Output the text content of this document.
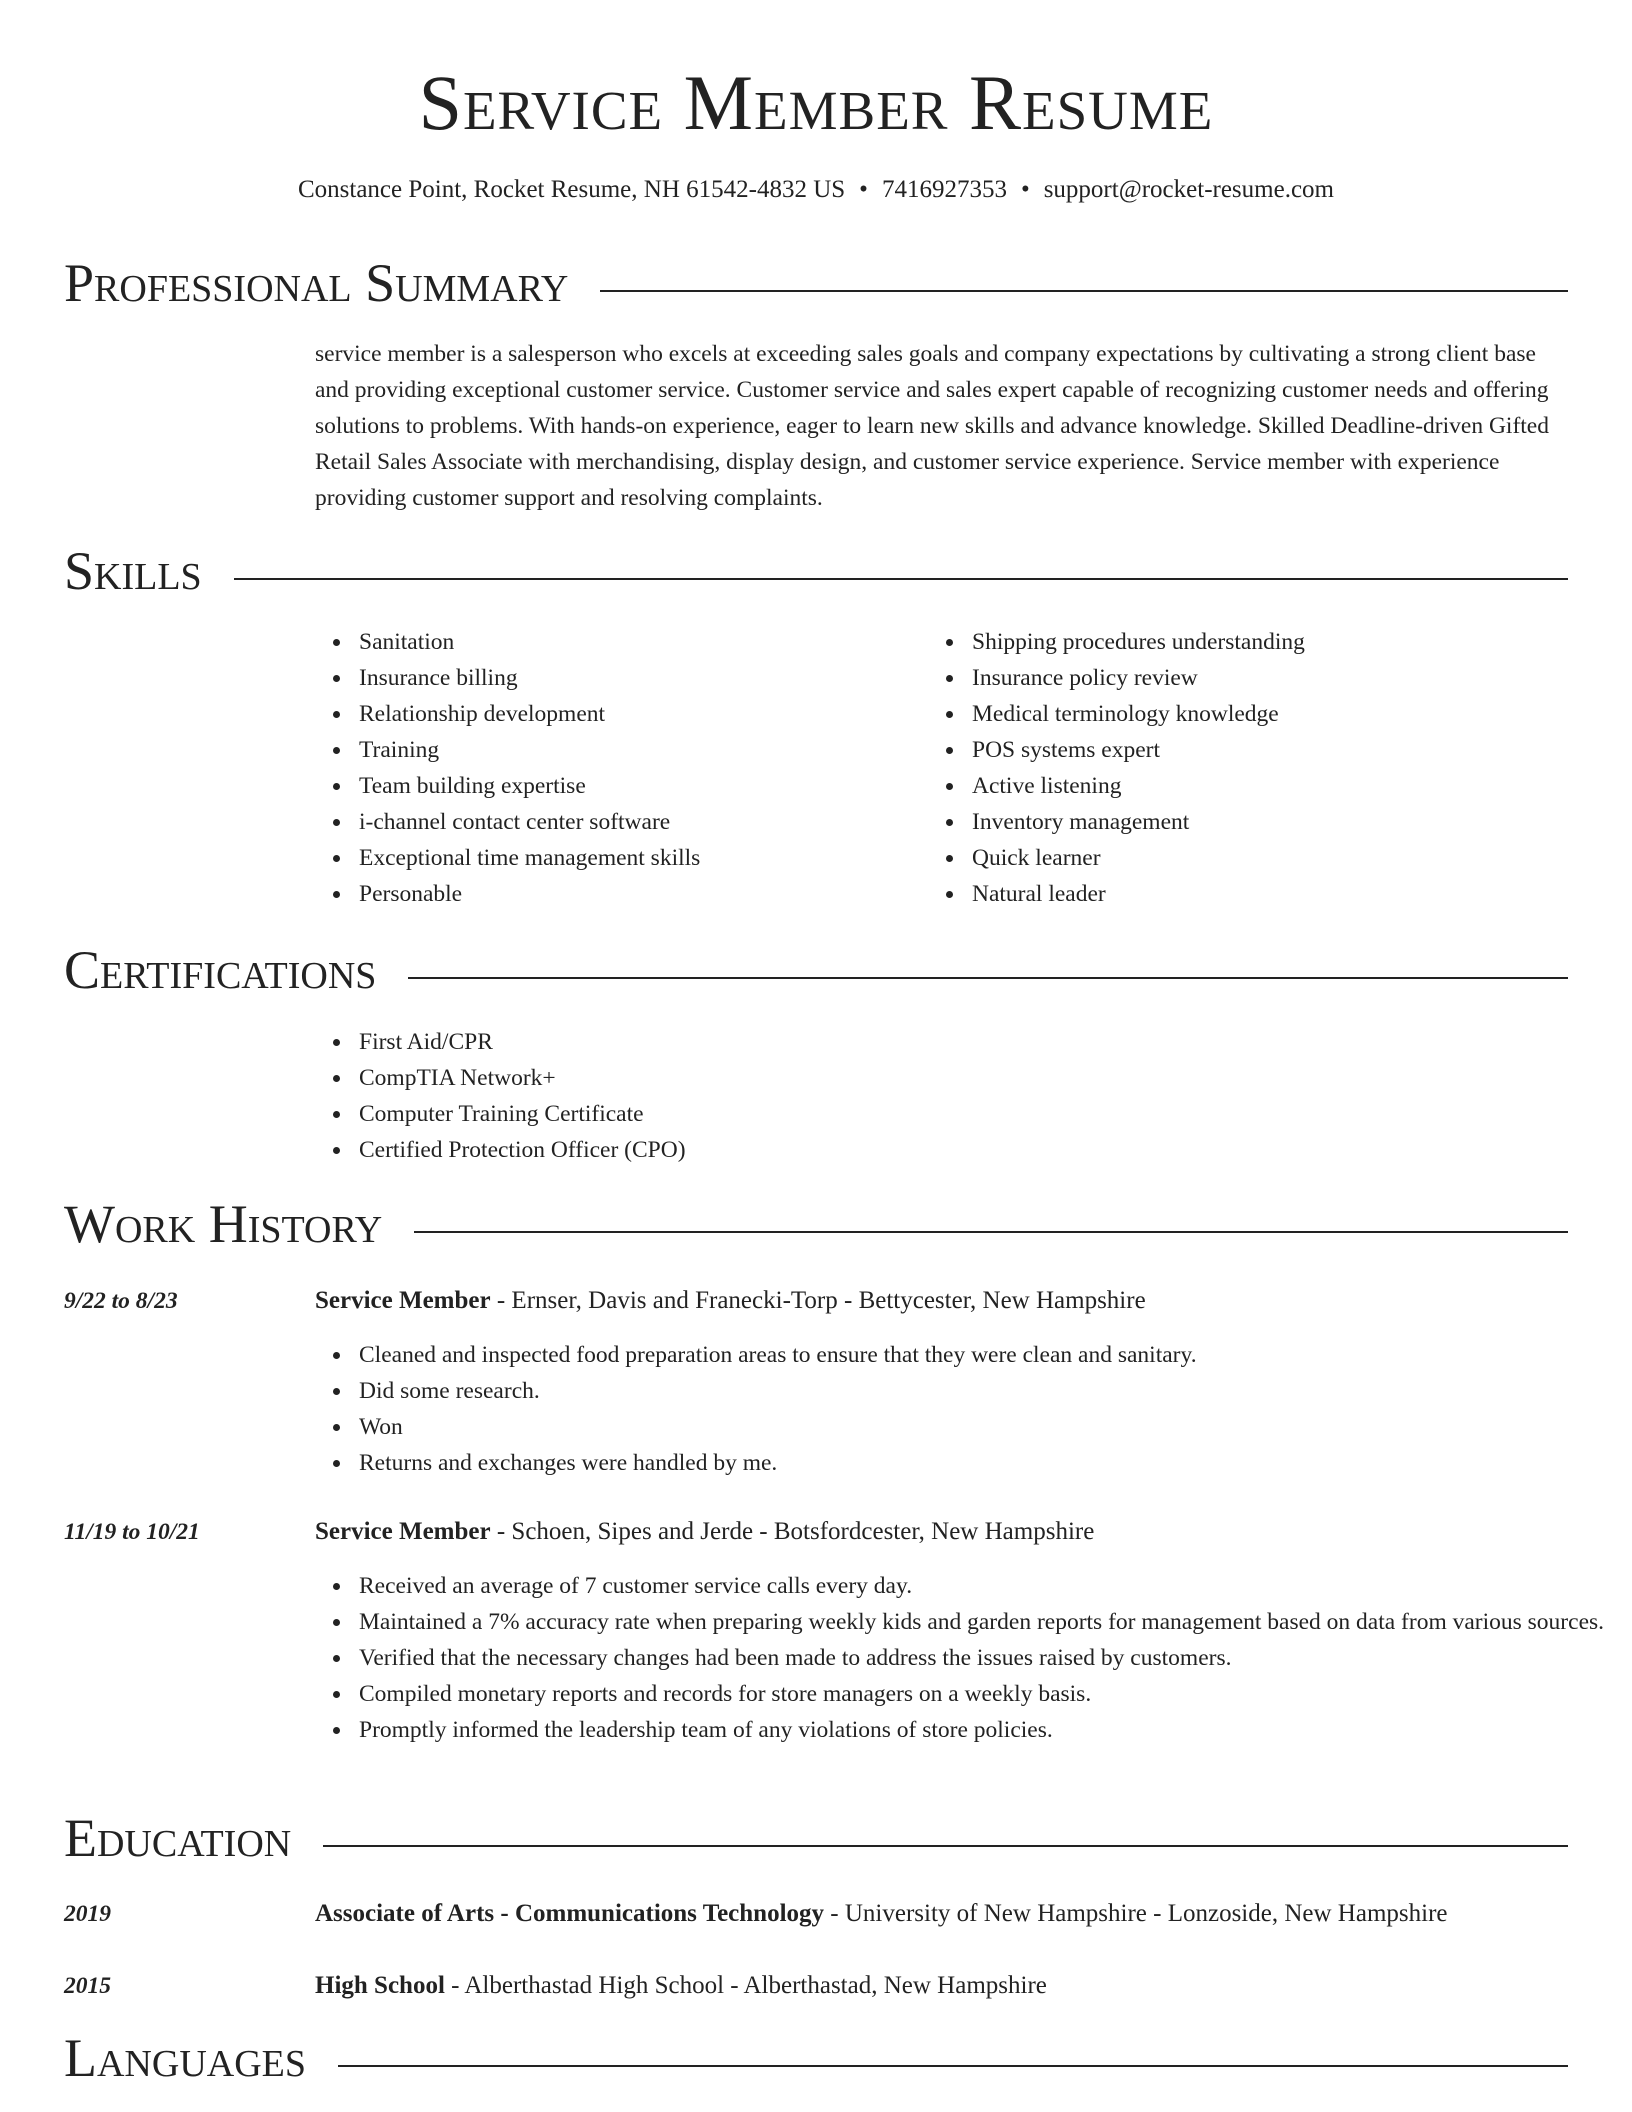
Service Member Resume
Constance Point, Rocket Resume, NH 61542-4832 US • 7416927353 • support@rocket-resume.com
Professional Summary

service member is a salesperson who excels at exceeding sales goals and company expectations by cultivating a strong client base and providing exceptional customer service. Customer service and sales expert capable of recognizing customer needs and offering solutions to problems. With hands-on experience, eager to learn new skills and advance knowledge. Skilled Deadline-driven Gifted Retail Sales Associate with merchandising, display design, and customer service experience. Service member with experience providing customer support and resolving complaints.

Skills
Sanitation
Insurance billing
Relationship development
Training
Team building expertise
i-channel contact center software
Exceptional time management skills
Personable
Shipping procedures understanding
Insurance policy review
Medical terminology knowledge
POS systems expert
Active listening
Inventory management
Quick learner
Natural leader
Certifications
First Aid/CPR
CompTIA Network+
Computer Training Certificate
Certified Protection Officer (CPO)
Work History
9/22 to 8/23	Service Member - Ernser, Davis and Franecki-Torp - Bettycester, New Hampshire
Cleaned and inspected food preparation areas to ensure that they were clean and sanitary.
Did some research.
Won
Returns and exchanges were handled by me.
11/19 to 10/21	Service Member - Schoen, Sipes and Jerde - Botsfordcester, New Hampshire
Received an average of 7 customer service calls every day.
Maintained a 7% accuracy rate when preparing weekly kids and garden reports for management based on data from various sources.
Verified that the necessary changes had been made to address the issues raised by customers.
Compiled monetary reports and records for store managers on a weekly basis.
Promptly informed the leadership team of any violations of store policies.
Education
2019	Associate of Arts - Communications Technology - University of New Hampshire - Lonzoside, New Hampshire
2015	High School - Alberthastad High School - Alberthastad, New Hampshire
Languages
